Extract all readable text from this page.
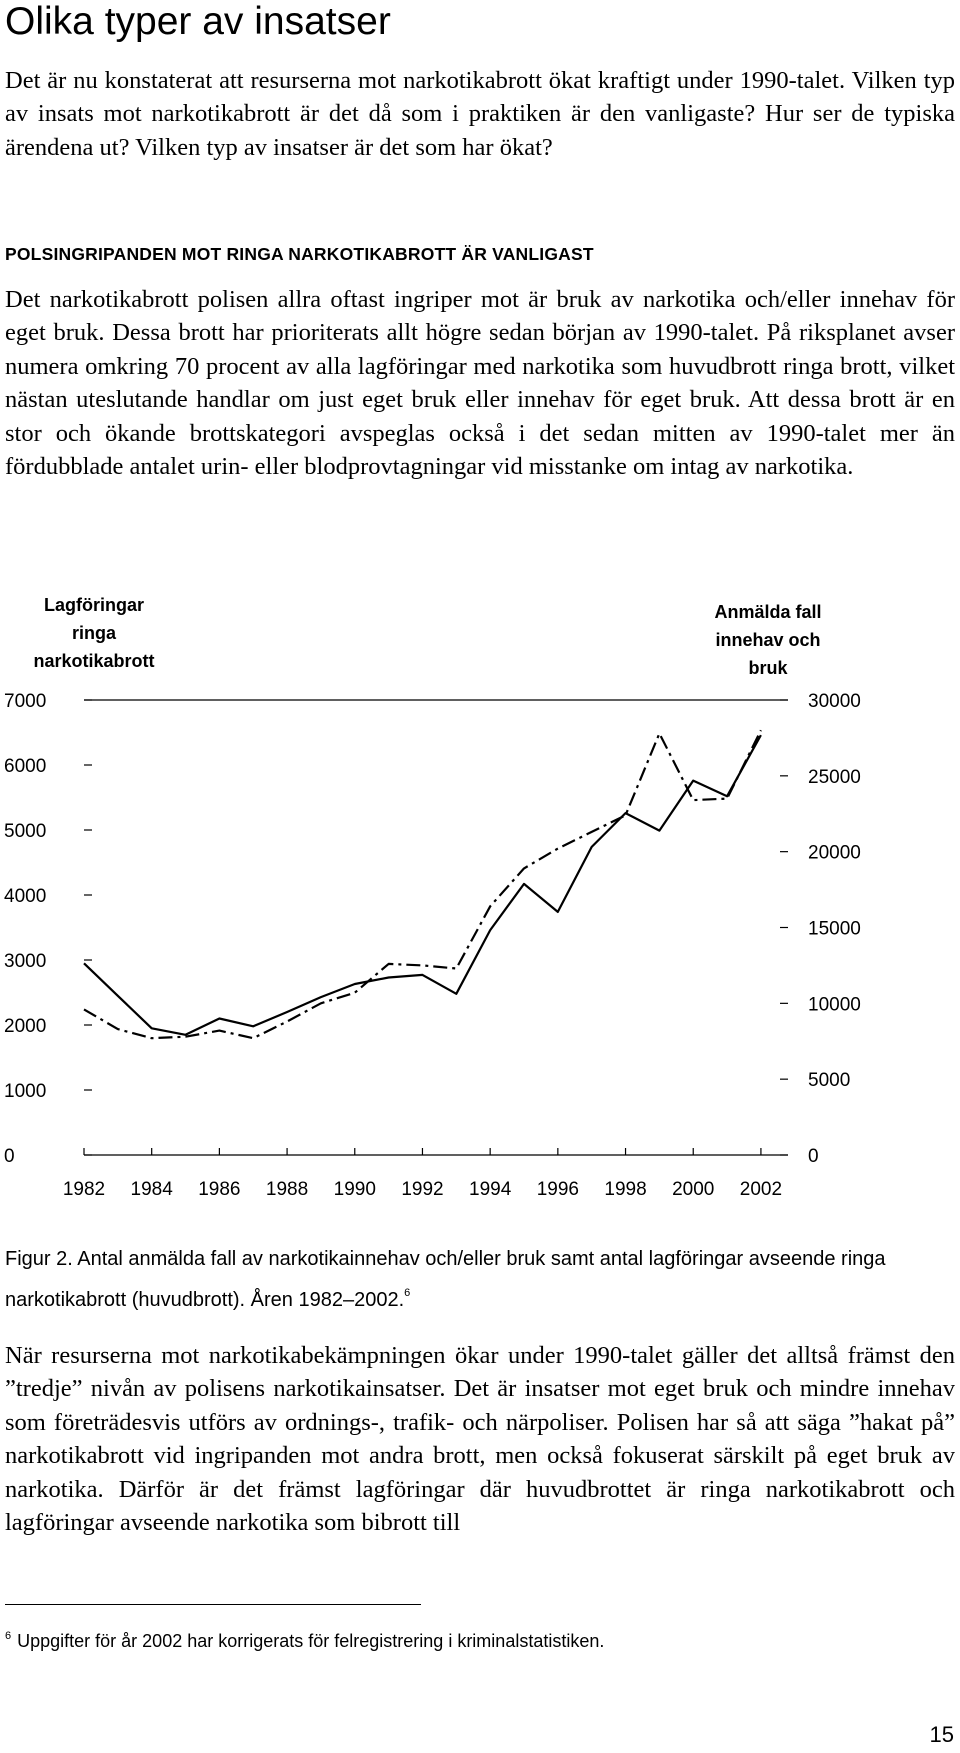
Olika typer av insatser

Det är nu konstaterat att resurserna mot narkotikabrott ökat kraftigt under 1990-talet. Vilken typ av insats mot narkotikabrott är det då som i praktiken är den vanligaste? Hur ser de typiska ärendena ut? Vilken typ av insatser är det som har ökat?

POLSINGRIPANDEN MOT RINGA NARKOTIKABROTT ÄR VANLIGAST

Det narkotikabrott polisen allra oftast ingriper mot är bruk av narkotika och/eller innehav för eget bruk. Dessa brott har prioriterats allt högre sedan början av 1990-talet. På riksplanet avser numera omkring 70 procent av alla lagföringar med narkotika som huvudbrott ringa brott, vilket nästan uteslutande handlar om just eget bruk eller innehav för eget bruk. Att dessa brott är en stor och ökande brottskategori avspeglas också i det sedan mitten av 1990-talet mer än fördubblade antalet urin- eller blodprovtagningar vid misstanke om intag av narkotika.

Lagföringar
ringa
narkotikabrott
Anmälda fall
innehav och
bruk
7000
6000
5000
4000
3000
2000
1000
0
30000
25000
20000
15000
10000
5000
0
1982 1984 1986 1988 1990 1992 1994 1996 1998 2000 2002

Figur 2. Antal anmälda fall av narkotikainnehav och/eller bruk samt antal lagföringar avseende ringa narkotikabrott (huvudbrott). Åren 1982–2002.$^6$

När resurserna mot narkotikabekämpningen ökar under 1990-talet gäller det alltså främst den ”tredje” nivån av polisens narkotikainsatser. Det är insatser mot eget bruk och mindre innehav som företrädesvis utförs av ordnings-, trafik- och närpoliser. Polisen har så att säga ”hakat på” narkotikabrott vid ingripanden mot andra brott, men också fokuserat särskilt på eget bruk av narkotika. Därför är det främst lagföringar där huvudbrottet är ringa narkotikabrott och lagföringar avseende narkotika som bibrott till

$^6$ Uppgifter för år 2002 har korrigerats för felregistrering i kriminalstatistiken.

15
